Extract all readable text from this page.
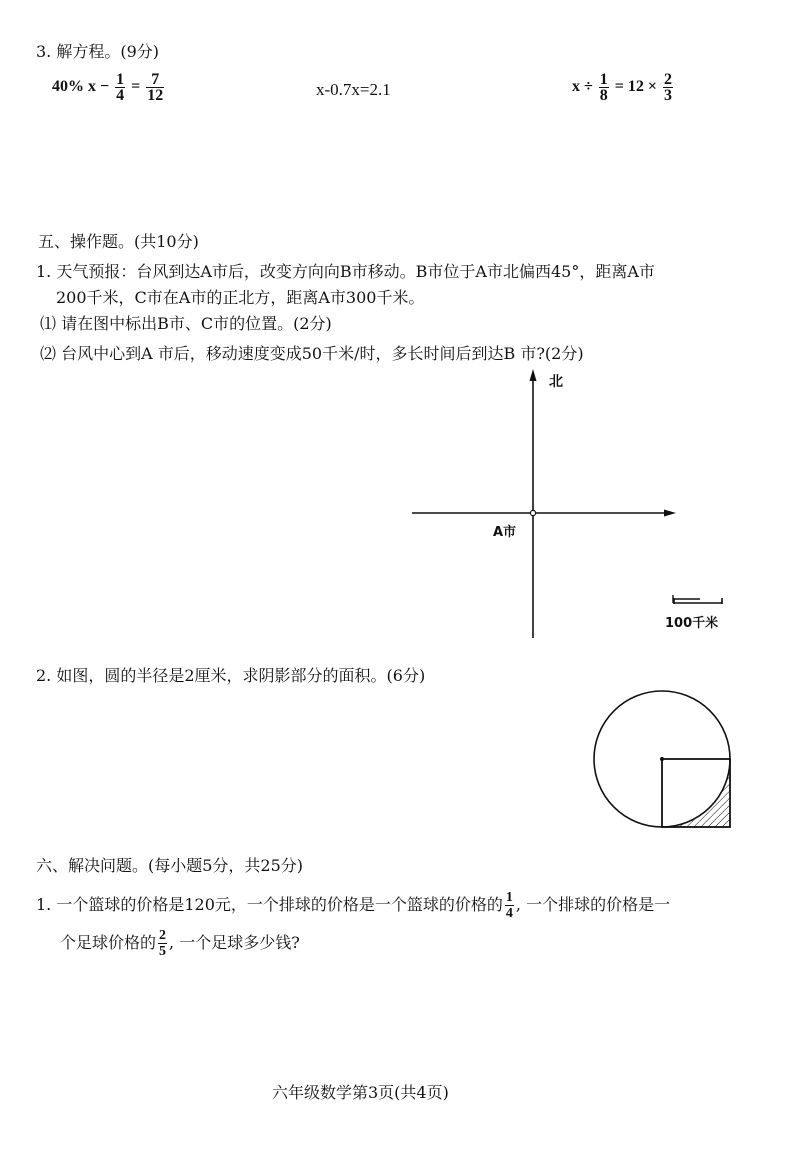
3. 解方程。(9分)
40% $x - \frac{1}{4} = \frac{7}{12}$	x-0.7x=2.1	$x \div \frac{1}{8} = 12 \times \frac{2}{3}$
五、操作题。(共10分)
1. 天气预报：台风到达A市后，改变方向向B市移动。B市位于A市北偏西45°，距离A市
200千米，C市在A市的正北方，距离A市300千米。
⑴ 请在图中标出B市、C市的位置。(2分)
⑵ 台风中心到A 市后，移动速度变成50千米/时，多长时间后到达B 市?(2分)
北
A市
100千米
2. 如图，圆的半径是2厘米，求阴影部分的面积。(6分)
六、解决问题。(每小题5分，共25分)
1. 一个篮球的价格是120元，一个排球的价格是一个篮球的价格的 $\frac{1}{4}$ , 一个排球的价格是一
个足球价格的 $\frac{2}{5}$ , 一个足球多少钱?
六年级数学第3页(共4页)
